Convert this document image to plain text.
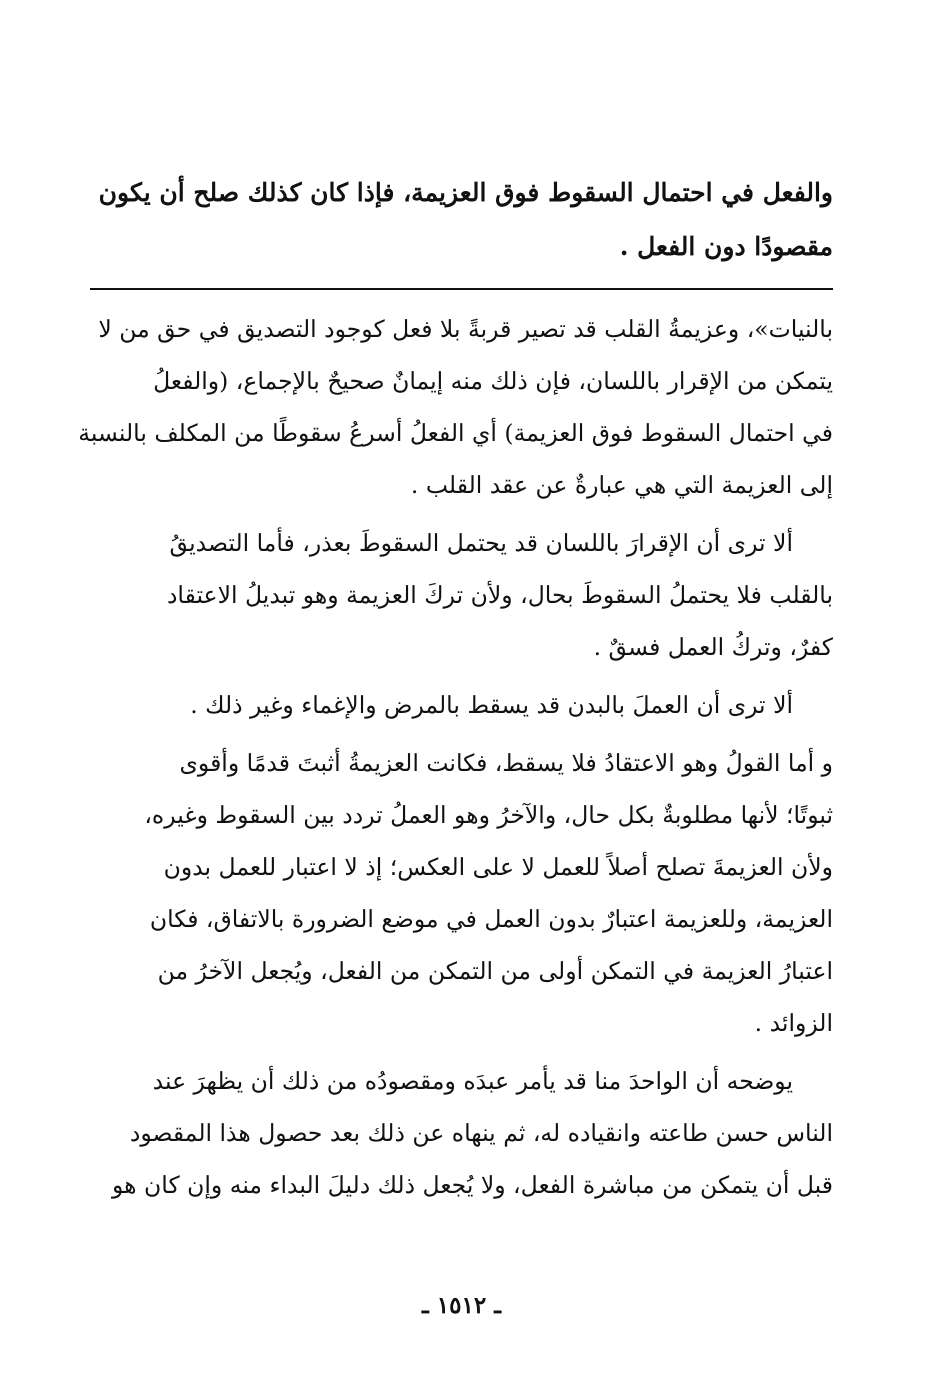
والفعل في احتمال السقوط فوق العزيمة، فإذا كان كذلك صلح أن يكون
مقصودًا دون الفعل .
بالنيات»، وعزيمةُ القلب قد تصير قربةً بلا فعل كوجود التصديق في حق من لا
يتمكن من الإقرار باللسان، فإن ذلك منه إيمانٌ صحيحٌ بالإجماع، (والفعلُ
في احتمال السقوط فوق العزيمة) أي الفعلُ أسرعُ سقوطًا من المكلف بالنسبة
إلى العزيمة التي هي عبارةٌ عن عقد القلب .
ألا ترى أن الإقرارَ باللسان قد يحتمل السقوطَ بعذر، فأما التصديقُ
بالقلب فلا يحتملُ السقوطَ بحال، ولأن تركَ العزيمة وهو تبديلُ الاعتقاد
كفرٌ، وتركُ العمل فسقٌ .
ألا ترى أن العملَ بالبدن قد يسقط بالمرض والإغماء وغير ذلك .
و أما القولُ وهو الاعتقادُ فلا يسقط، فكانت العزيمةُ أثبتَ قدمًا وأقوى
ثبوتًا؛ لأنها مطلوبةٌ بكل حال، والآخرُ وهو العملُ تردد بين السقوط وغيره،
ولأن العزيمةَ تصلح أصلاً للعمل لا على العكس؛ إذ لا اعتبار للعمل بدون
العزيمة، وللعزيمة اعتبارٌ بدون العمل في موضع الضرورة بالاتفاق، فكان
اعتبارُ العزيمة في التمكن أولى من التمكن من الفعل، ويُجعل الآخرُ من
الزوائد .
يوضحه أن الواحدَ منا قد يأمر عبدَه ومقصودُه من ذلك أن يظهرَ عند
الناس حسن طاعته وانقياده له، ثم ينهاه عن ذلك بعد حصول هذا المقصود
قبل أن يتمكن من مباشرة الفعل، ولا يُجعل ذلك دليلَ البداء منه وإن كان هو
ـ ١٥١٢ ـ
